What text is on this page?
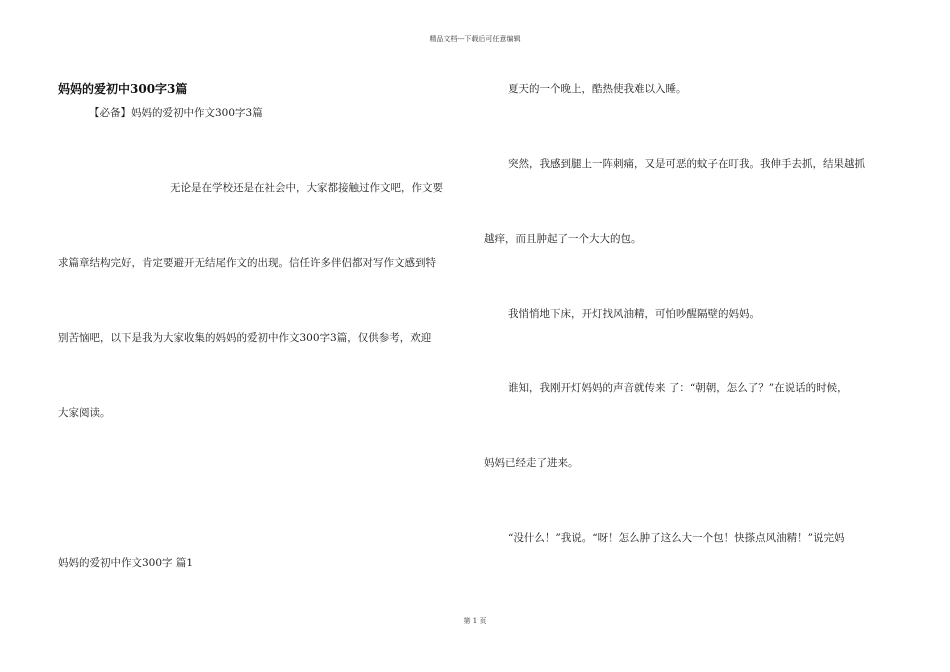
精品文档---下载后可任意编辑
妈妈的爱初中300字3篇
【必备】妈妈的爱初中作文300字3篇
无论是在学校还是在社会中，大家都接触过作文吧，作文要
求篇章结构完好，肯定要避开无结尾作文的出现。信任许多伴侣都对写作文感到特
别苦恼吧，以下是我为大家收集的妈妈的爱初中作文300字3篇，仅供参考，欢迎
大家阅读。
妈妈的爱初中作文300字 篇1
夏天的一个晚上，酷热使我难以入睡。
突然，我感到腿上一阵刺痛，又是可恶的蚊子在叮我。我伸手去抓，结果越抓
越痒，而且肿起了一个大大的包。
我悄悄地下床，开灯找风油精，可怕吵醒隔壁的妈妈。
谁知，我刚开灯妈妈的声音就传来 了：“朝朝，怎么了？”在说话的时候，
妈妈已经走了进来。
“没什么！”我说。“呀！怎么肿了这么大一个包！快搽点风油精！”说完妈
第 1 页
